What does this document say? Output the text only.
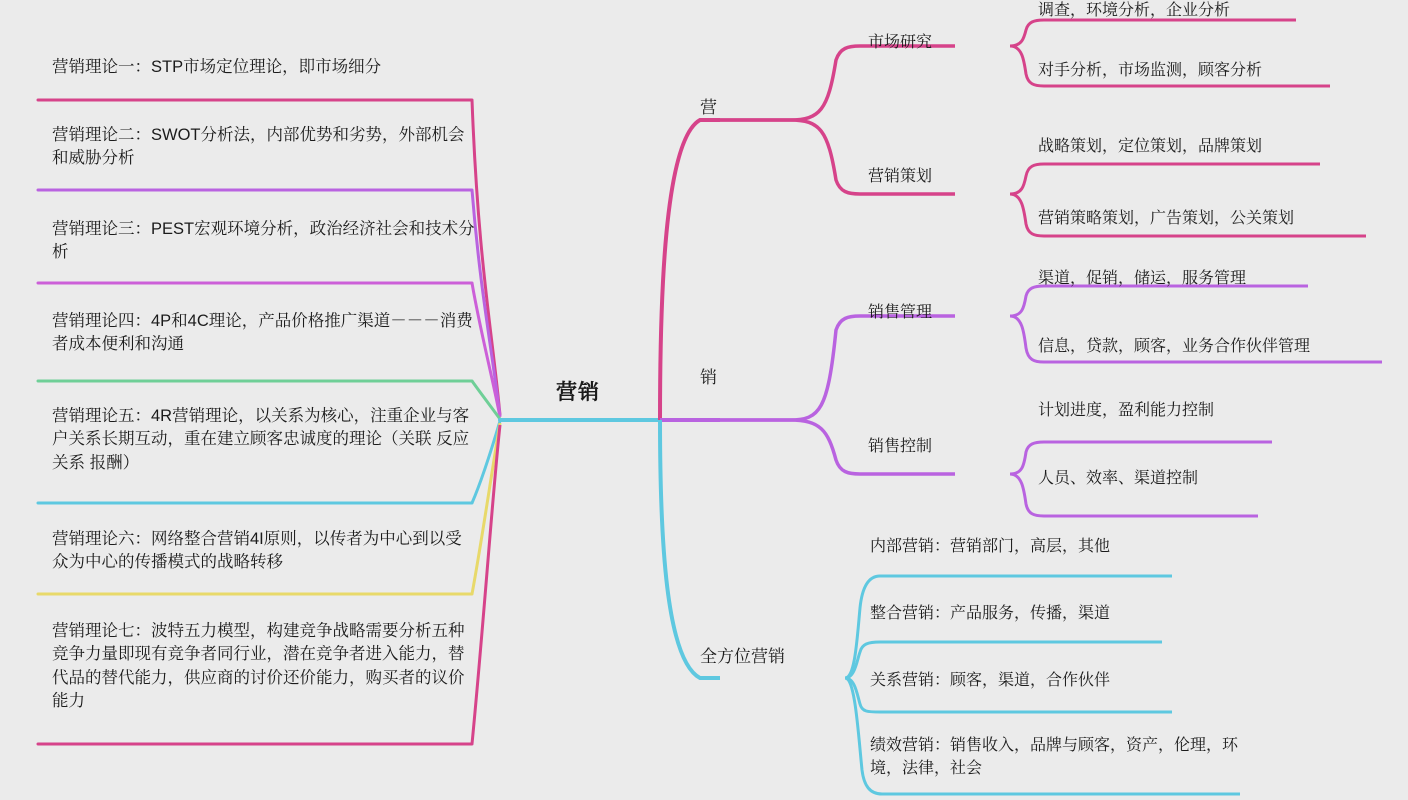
营销理论一：STP市场定位理论，即市场细分
营销理论二：SWOT分析法，内部优势和劣势，外部机会和威胁分析
营销理论三：PEST宏观环境分析，政治经济社会和技术分析
营销理论四：4P和4C理论，产品价格推广渠道－－－消费者成本便利和沟通
营销理论五：4R营销理论，以关系为核心，注重企业与客户关系长期互动，重在建立顾客忠诚度的理论（关联 反应 关系 报酬）
营销理论六：网络整合营销4I原则，以传者为中心到以受众为中心的传播模式的战略转移
营销理论七：波特五力模型，构建竞争战略需要分析五种竞争力量即现有竞争者同行业，潜在竞争者进入能力，替代品的替代能力，供应商的讨价还价能力，购买者的议价能力
营销
营
销
全方位营销
市场研究
营销策划
调查，环境分析，企业分析
对手分析，市场监测，顾客分析
战略策划，定位策划，品牌策划
营销策略策划，广告策划，公关策划
销售管理
销售控制
渠道，促销，储运，服务管理
信息，贷款，顾客，业务合作伙伴管理
计划进度，盈利能力控制
人员、效率、渠道控制
内部营销：营销部门，高层，其他
整合营销：产品服务，传播，渠道
关系营销：顾客，渠道，合作伙伴
绩效营销：销售收入，品牌与顾客，资产，伦理，环境，法律，社会
